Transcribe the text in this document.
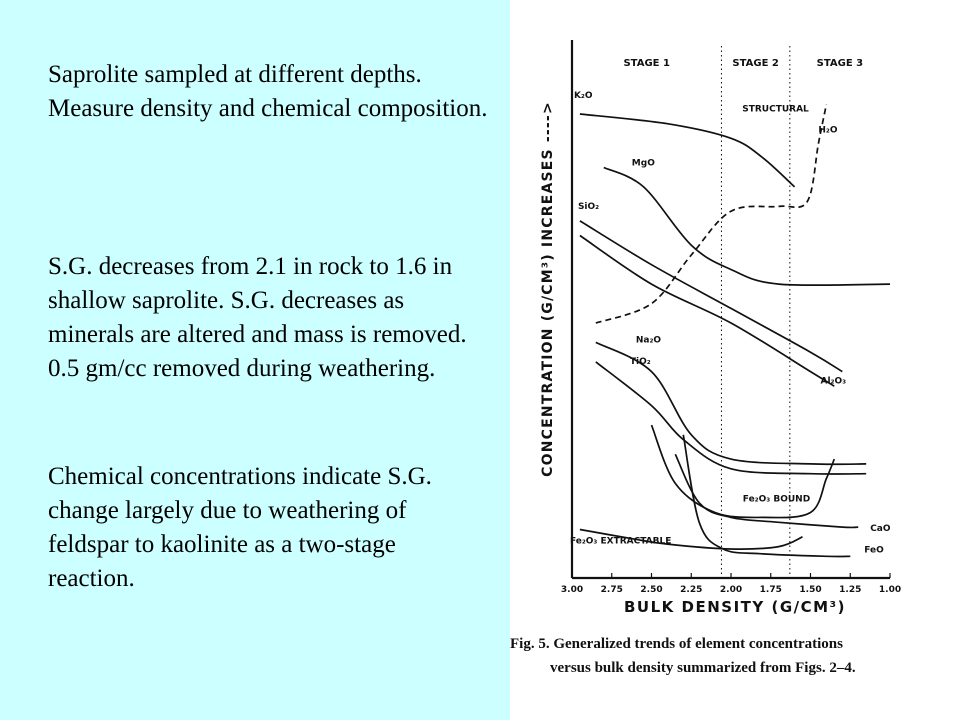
Saprolite sampled at different depths. Measure density and chemical composition.

S.G. decreases from 2.1 in rock to 1.6 in shallow saprolite. S.G. decreases as minerals are altered and mass is removed. 0.5 gm/cc removed during weathering.

Chemical concentrations indicate S.G. change largely due to weathering of feldspar to kaolinite as a two-stage reaction.

STAGE 1	STAGE 2	STAGE 3
3.00 2.75 2.50 2.25 2.00 1.75 1.50 1.25 1.00
BULK DENSITY (G/CM³)
CONCENTRATION (G/CM³) INCREASES ---->
K₂O
MgO
SiO₂
Al₂O₃
H₂O
Na₂O
TiO₂
CaO
Fe₂O₃ BOUND
Fe₂O₃ EXTRACTABLE
FeO
STRUCTURAL
Fig. 5. Generalized trends of element concentrations
versus bulk density summarized from Figs. 2–4.
